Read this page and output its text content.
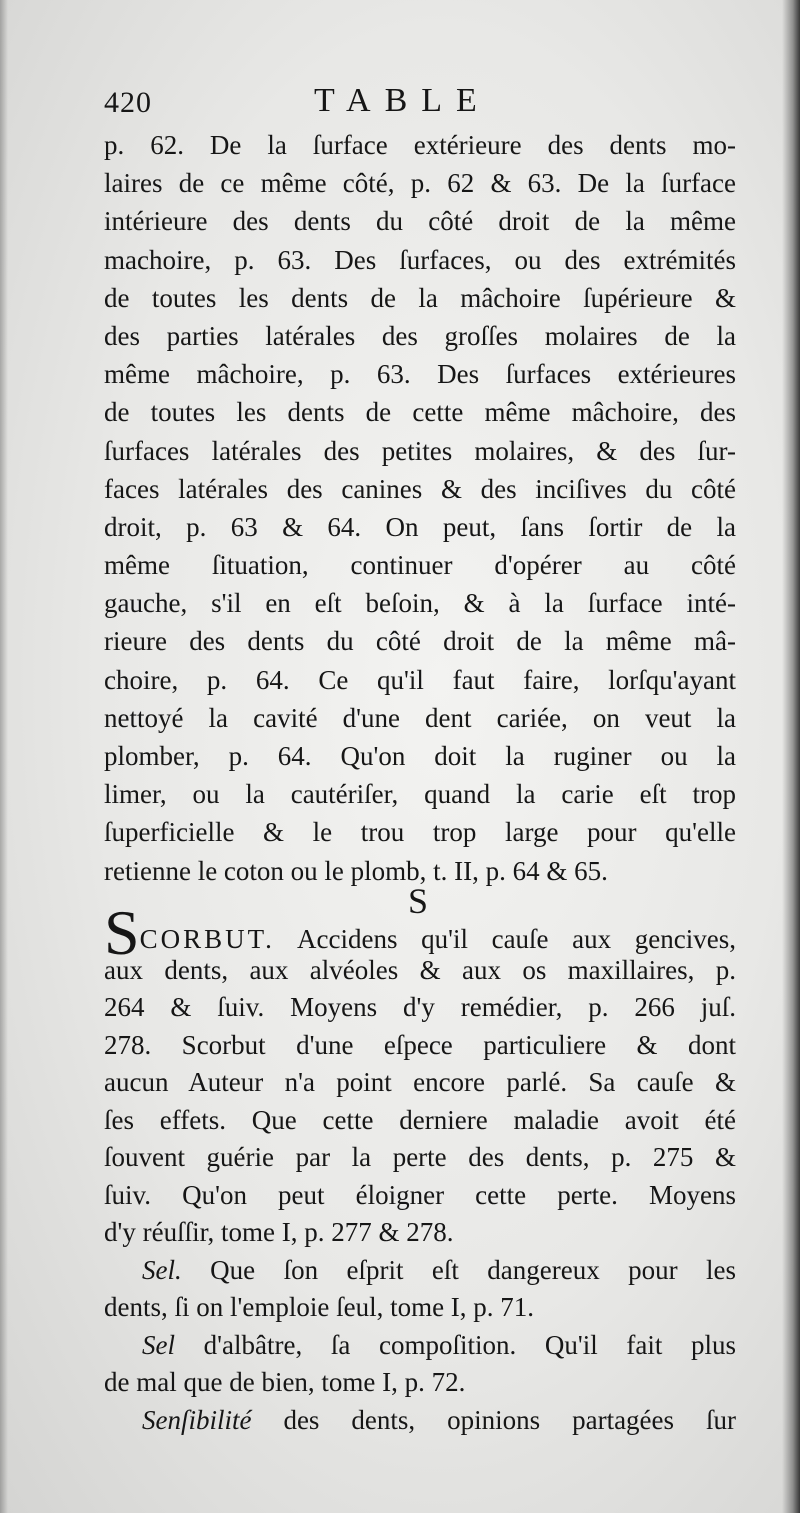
420	TABLE
p. 62. De la ſurface extérieure des dents mo-
laires de ce même côté, p. 62 & 63. De la ſurface
intérieure des dents du côté droit de la même
machoire, p. 63. Des ſurfaces, ou des extrémités
de toutes les dents de la mâchoire ſupérieure &
des parties latérales des groſſes molaires de la
même mâchoire, p. 63. Des ſurfaces extérieures
de toutes les dents de cette même mâchoire, des
ſurfaces latérales des petites molaires, & des ſur-
faces latérales des canines & des inciſives du côté
droit, p. 63 & 64. On peut, ſans ſortir de la
même ſituation, continuer d'opérer au côté
gauche, s'il en eſt beſoin, & à la ſurface inté-
rieure des dents du côté droit de la même mâ-
choire, p. 64. Ce qu'il faut faire, lorſqu'ayant
nettoyé la cavité d'une dent cariée, on veut la
plomber, p. 64. Qu'on doit la ruginer ou la
limer, ou la cautériſer, quand la carie eſt trop
ſuperficielle & le trou trop large pour qu'elle
retienne le coton ou le plomb, t. II, p. 64 & 65.
S
SCORBUT. Accidens qu'il cauſe aux gencives,
aux dents, aux alvéoles & aux os maxillaires, p.
264 & ſuiv. Moyens d'y remédier, p. 266 juſ.
278. Scorbut d'une eſpece particuliere & dont
aucun Auteur n'a point encore parlé. Sa cauſe &
ſes effets. Que cette derniere maladie avoit été
ſouvent guérie par la perte des dents, p. 275 &
ſuiv. Qu'on peut éloigner cette perte. Moyens
d'y réuſſir, tome I, p. 277 & 278.
Sel. Que ſon eſprit eſt dangereux pour les
dents, ſi on l'emploie ſeul, tome I, p. 71.
Sel d'albâtre, ſa compoſition. Qu'il fait plus
de mal que de bien, tome I, p. 72.
Senſibilité des dents, opinions partagées ſur
